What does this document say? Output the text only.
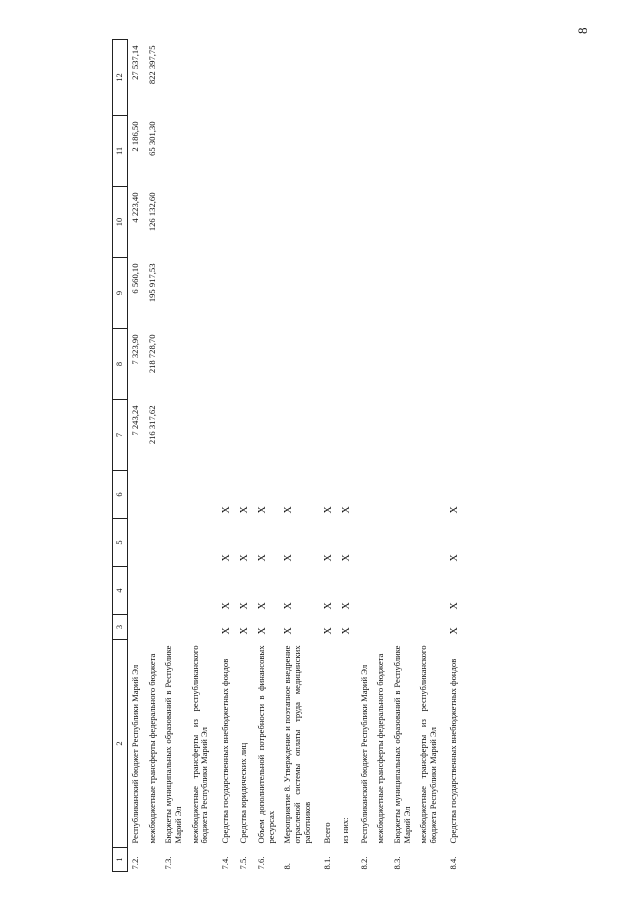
8
1	2	3	4	5	6	7	8	9	10	11	12
7.2.	Республиканский бюджет Республики Марий Эл					7 243,24	7 323,90	6 560,10	4 223,40	2 186,50	27 537,14
	межбюджетные трансферты федерального бюджета					216 317,62	218 728,70	195 917,53	126 132,60	65 301,30	822 397,75
7.3.	Бюджеты муниципальных образований в Республике Марий Эл										
	межбюджетные трансферты из республиканского бюджета Республики Марий Эл										
7.4.	Средства государственных внебюджетных фондов	X	X	X	X						
7.5.	Средства юридических лиц	X	X	X	X						
7.6.	Объем дополнительной потребности в финансовых ресурсах	X	X	X	X						
8.	Мероприятие 8. Утверждение и поэтапное внедрение отраслевой системы оплаты труда медицинских работников	X	X	X	X						
8.1.	Всего	X	X	X	X						
	из них:	X	X	X	X						
8.2.	Республиканский бюджет Республики Марий Эл										
	межбюджетные трансферты федерального бюджета										
8.3.	Бюджеты муниципальных образований в Республике Марий Эл										
	межбюджетные трансферты из республиканского бюджета Республики Марий Эл										
8.4.	Средства государственных внебюджетных фондов	X	X	X	X						
